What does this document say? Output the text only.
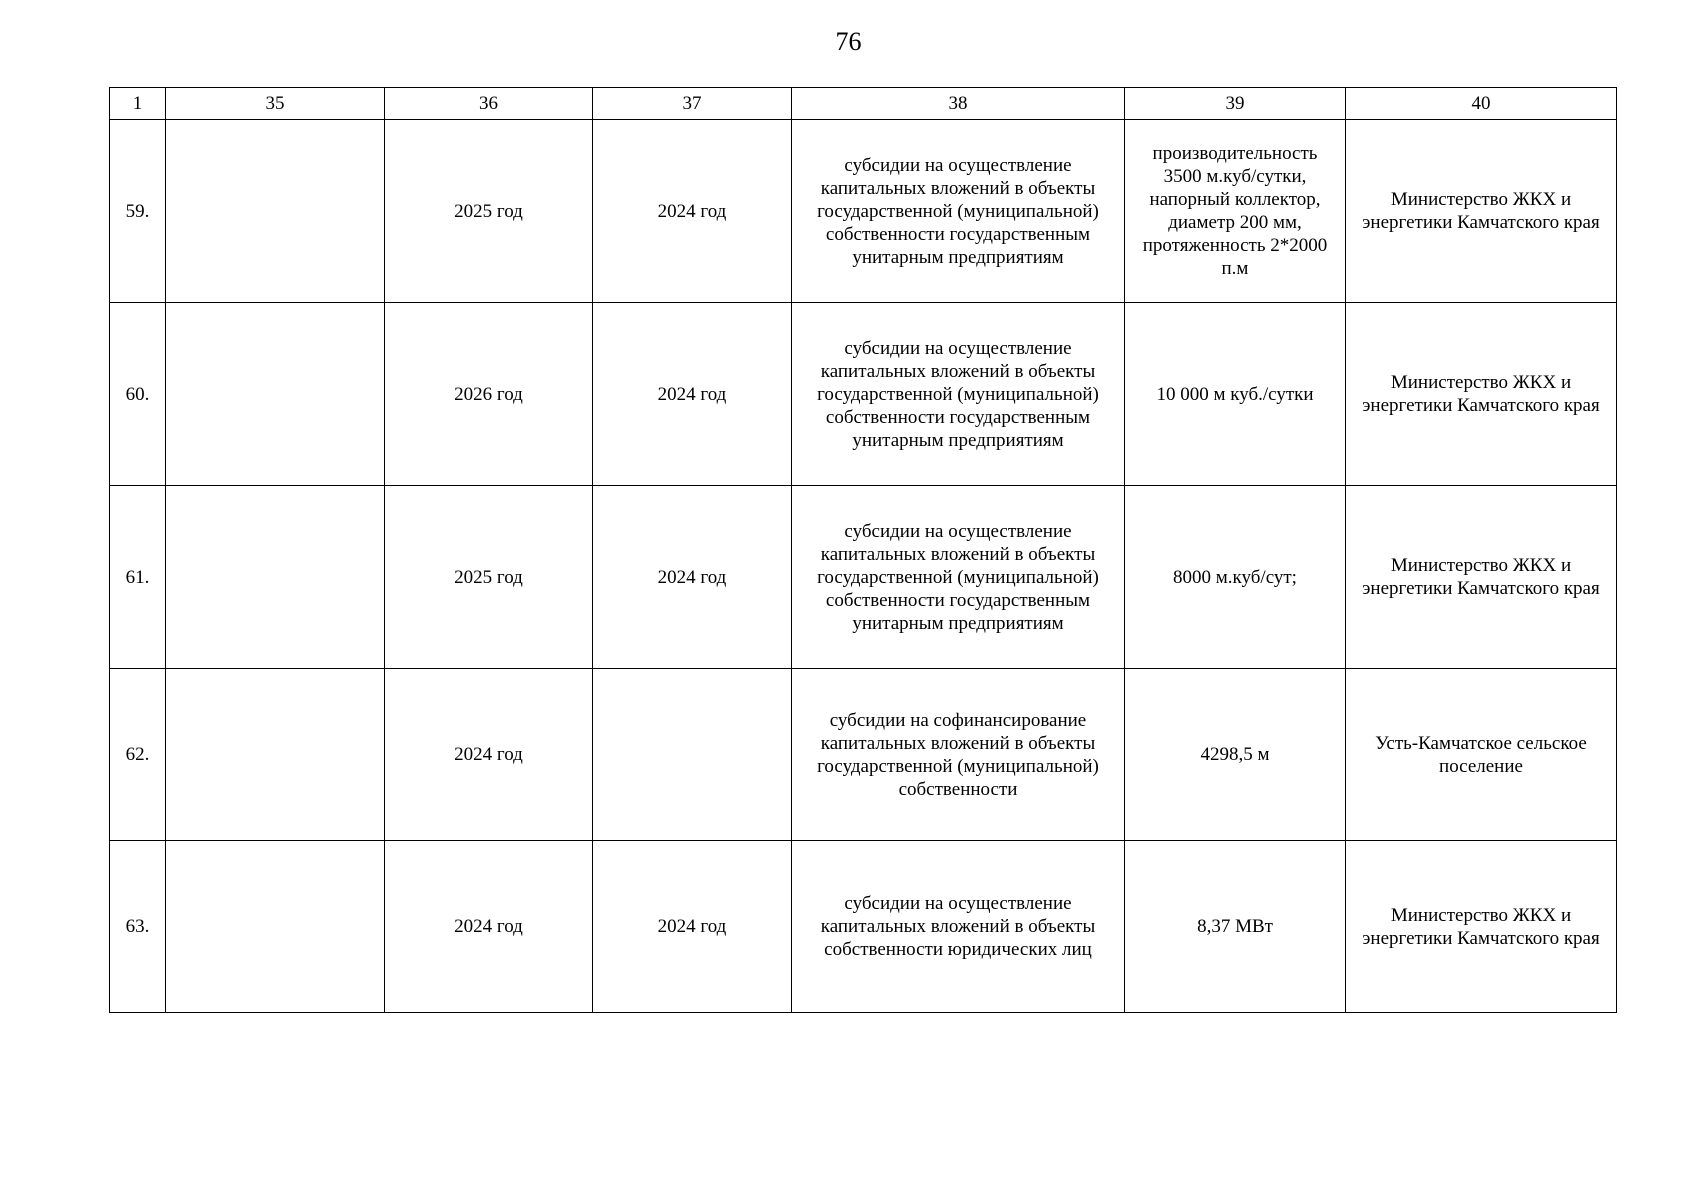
76
1	35	36	37	38	39	40
59.		2025 год	2024 год	субсидии на осуществление капитальных вложений в объекты государственной (муниципальной) собственности государственным унитарным предприятиям	производительность 3500 м.куб/сутки, напорный коллектор, диаметр 200 мм, протяженность 2*2000 п.м	Министерство ЖКХ и энергетики Камчатского края
60.		2026 год	2024 год	субсидии на осуществление капитальных вложений в объекты государственной (муниципальной) собственности государственным унитарным предприятиям	10 000 м куб./сутки	Министерство ЖКХ и энергетики Камчатского края
61.		2025 год	2024 год	субсидии на осуществление капитальных вложений в объекты государственной (муниципальной) собственности государственным унитарным предприятиям	8000 м.куб/сут;	Министерство ЖКХ и энергетики Камчатского края
62.		2024 год		субсидии на софинансирование капитальных вложений в объекты государственной (муниципальной) собственности	4298,5 м	Усть-Камчатское сельское поселение
63.		2024 год	2024 год	субсидии на осуществление капитальных вложений в объекты собственности юридических лиц	8,37 МВт	Министерство ЖКХ и энергетики Камчатского края
